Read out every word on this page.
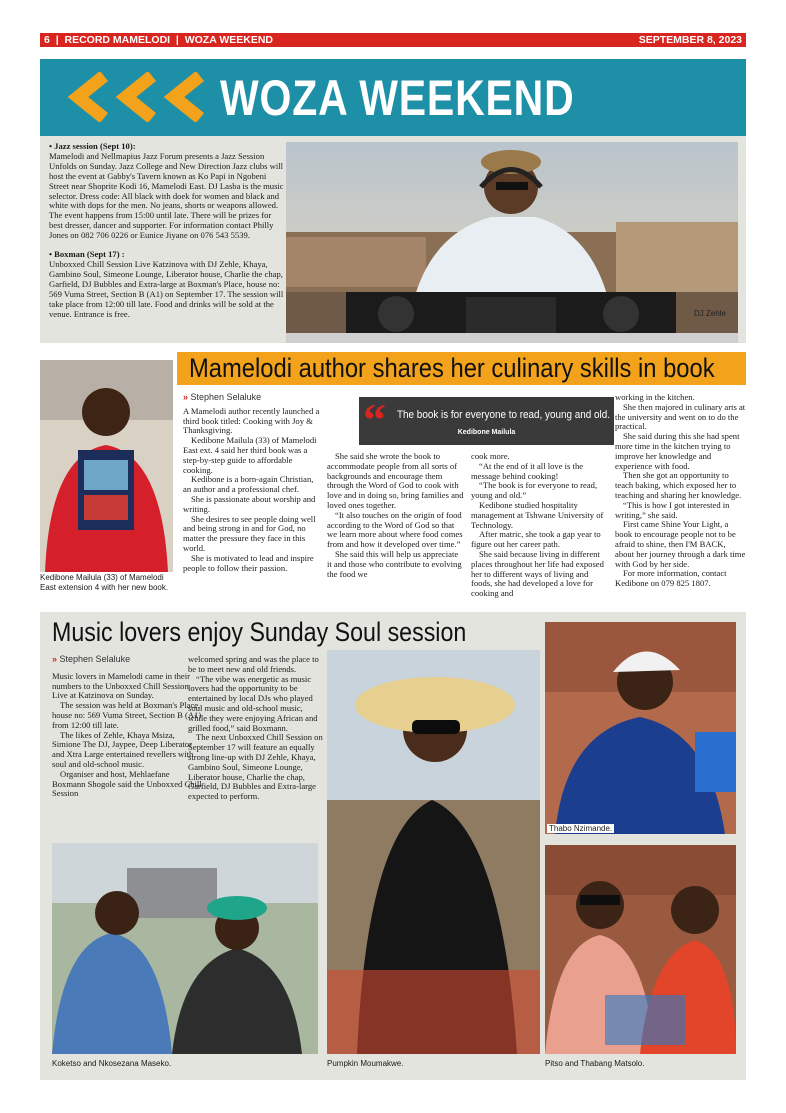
6 | RECORD MAMELODI | WOZA WEEKEND	SEPTEMBER 8, 2023
WOZA WEEKEND

• Jazz session (Sept 10):
Mamelodi and Nellmapius Jazz Forum presents a Jazz Session Unfolds on Sunday. Jazz College and New Direction Jazz clubs will host the event at Gabby's Tavern known as Ko Papi in Ngobeni Street near Shoprite Kodi 16, Mamelodi East. DJ Lasba is the music selector. Dress code: All black with doek for women and black and white with dops for the men. No jeans, shorts or weapons allowed. The event happens from 15:00 until late. There will be prizes for best dresser, dancer and supporter. For information contact Philly Jones on 082 706 0226 or Eunice Jiyane on 076 543 5539.

• Boxman (Sept 17) :
Unboxxed Chill Session Live Katzinova with DJ Zehle, Khaya, Gambino Soul, Simeone Lounge, Liberator house, Charlie the chap, Garfield, DJ Bubbles and Extra-large at Boxman's Place, house no: 569 Vuma Street, Section B (A1) on September 17. The session will take place from 12:00 till late. Food and drinks will be sold at the venue. Entrance is free.	DJ Zehle
Kedibone Mailula (33) of Mamelodi East extension 4 with her new book.
Mamelodi author shares her culinary skills in book
» Stephen Selaluke

A Mamelodi author recently launched a third book titled: Cooking with Joy & Thanksgiving.

Kedibone Mailula (33) of Mamelodi East ext. 4 said her third book was a step-by-step guide to affordable cooking.

Kedibone is a born-again Christian, an author and a professional chef.

She is passionate about worship and writing.

She desires to see people doing well and being strong in and for God, no matter the pressure they face in this world.

She is motivated to lead and inspire people to follow their passion.

“ The book is for everyone to read, young and old.
Kedibone Mailula

She said she wrote the book to accommodate people from all sorts of backgrounds and encourage them through the Word of God to cook with love and in doing so, bring families and loved ones together.

“It also touches on the origin of food according to the Word of God so that we learn more about where food comes from and how it developed over time.”

She said this will help us appreciate it and those who contribute to evolving the food we

cook more.

“At the end of it all love is the message behind cooking!

“The book is for everyone to read, young and old.”

Kedibone studied hospitality management at Tshwane University of Technology.

After matric, she took a gap year to figure out her career path.

She said because living in different places throughout her life had exposed her to different ways of living and foods, she had developed a love for cooking and

working in the kitchen.

She then majored in culinary arts at the university and went on to do the practical.

She said during this she had spent more time in the kitchen trying to improve her knowledge and experience with food.

Then she got an opportunity to teach baking, which exposed her to teaching and sharing her knowledge.

“This is how I got interested in writing,” she said.

First came Shine Your Light, a book to encourage people not to be afraid to shine, then I'M BACK, about her journey through a dark time with God by her side.

For more information, contact Kedibone on 079 825 1807.

Music lovers enjoy Sunday Soul session
» Stephen Selaluke

Music lovers in Mamelodi came in their numbers to the Unboxxed Chill Session Live at Katzinova on Sunday.

The session was held at Boxman's Place, house no: 569 Vuma Street, Section B (A1) from 12:00 till late.

The likes of Zehle, Khaya Msiza, Simione The DJ, Jaypee, Deep Liberator and Xtra Large entertained revellers with soul and old-school music.

Organiser and host, Mehlaefane Boxmann Shogole said the Unboxxed Chill Session

welcomed spring and was the place to be to meet new and old friends.

“The vibe was energetic as music lovers had the opportunity to be entertained by local DJs who played soul music and old-school music, while they were enjoying African and grilled food,” said Boxmann.

The next Unboxxed Chill Session on September 17 will feature an equally strong line-up with DJ Zehle, Khaya, Gambino Soul, Simeone Lounge, Liberator house, Charlie the chap, Garfield, DJ Bubbles and Extra-large expected to perform.

Thabo Nzimande.
Koketso and Nkosezana Maseko.	Pumpkin Moumakwe.	Pitso and Thabang Matsolo.
